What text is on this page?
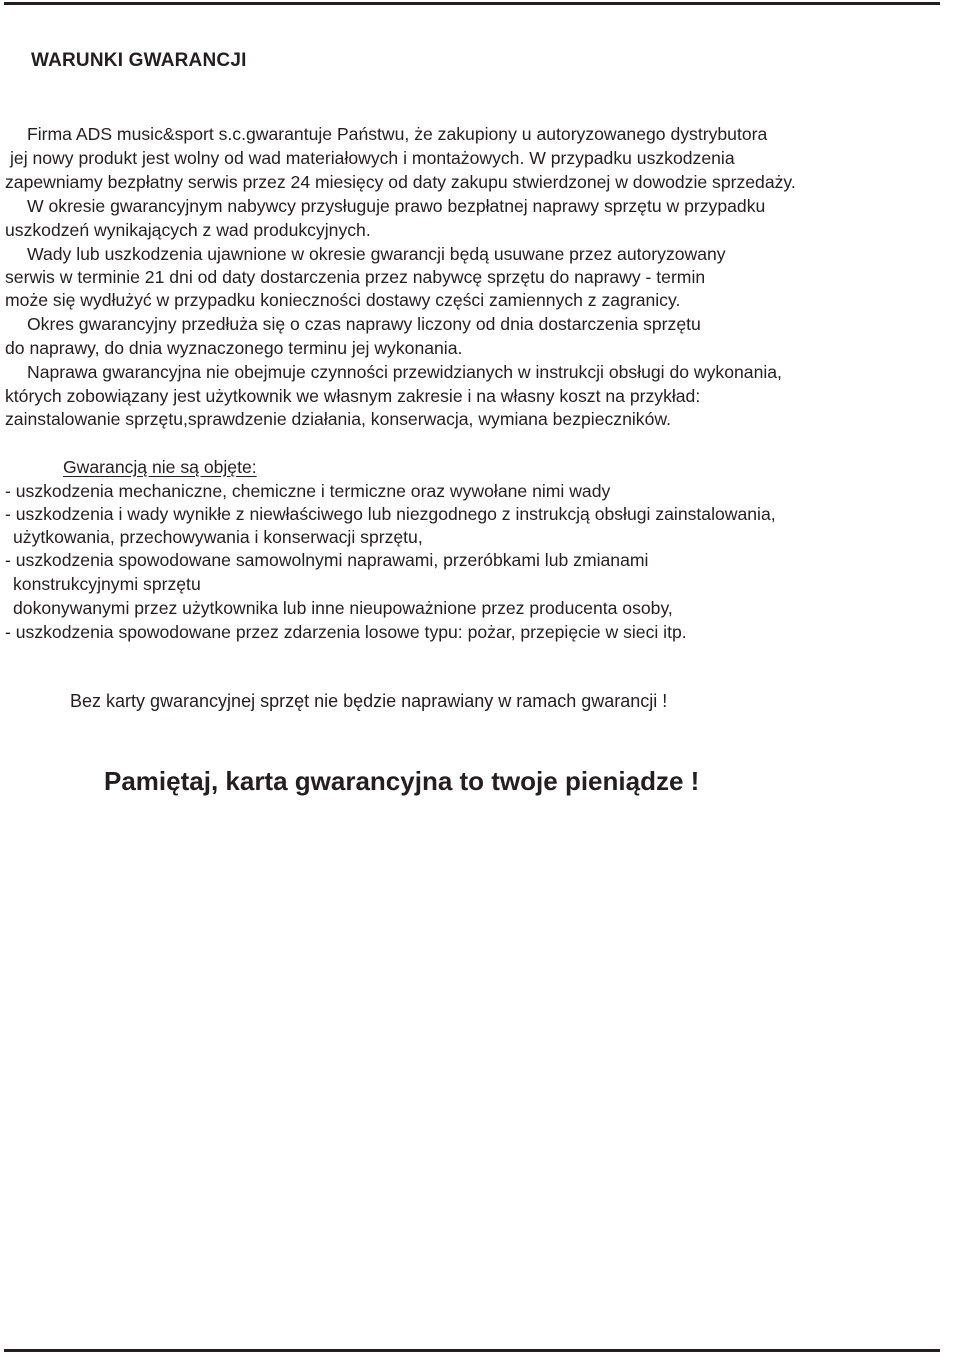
WARUNKI GWARANCJI
Firma ADS music&sport s.c.gwarantuje Państwu, że zakupiony u autoryzowanego dystrybutora
jej nowy produkt jest wolny od wad materiałowych i montażowych. W przypadku uszkodzenia
zapewniamy bezpłatny serwis przez 24 miesięcy od daty zakupu stwierdzonej w dowodzie sprzedaży.
W okresie gwarancyjnym nabywcy przysługuje prawo bezpłatnej naprawy sprzętu w przypadku
uszkodzeń wynikających z wad produkcyjnych.
Wady lub uszkodzenia ujawnione w okresie gwarancji będą usuwane przez autoryzowany
serwis w terminie 21 dni od daty dostarczenia przez nabywcę sprzętu do naprawy - termin
może się wydłużyć w przypadku konieczności dostawy części zamiennych z zagranicy.
Okres gwarancyjny przedłuża się o czas naprawy liczony od dnia dostarczenia sprzętu
do naprawy, do dnia wyznaczonego terminu jej wykonania.
Naprawa gwarancyjna nie obejmuje czynności przewidzianych w instrukcji obsługi do wykonania,
których zobowiązany jest użytkownik we własnym zakresie i na własny koszt na przykład:
zainstalowanie sprzętu,sprawdzenie działania, konserwacja, wymiana bezpieczników.
Gwarancją nie są objęte:
- uszkodzenia mechaniczne, chemiczne i termiczne oraz wywołane nimi wady
- uszkodzenia i wady wynikłe z niewłaściwego lub niezgodnego z instrukcją obsługi zainstalowania,
użytkowania, przechowywania i konserwacji sprzętu,
- uszkodzenia spowodowane samowolnymi naprawami, przeróbkami lub zmianami
konstrukcyjnymi sprzętu
dokonywanymi przez użytkownika lub inne nieupoważnione przez producenta osoby,
- uszkodzenia spowodowane przez zdarzenia losowe typu: pożar, przepięcie w sieci itp.
Bez karty gwarancyjnej sprzęt nie będzie naprawiany w ramach gwarancji !
Pamiętaj, karta gwarancyjna to twoje pieniądze !
